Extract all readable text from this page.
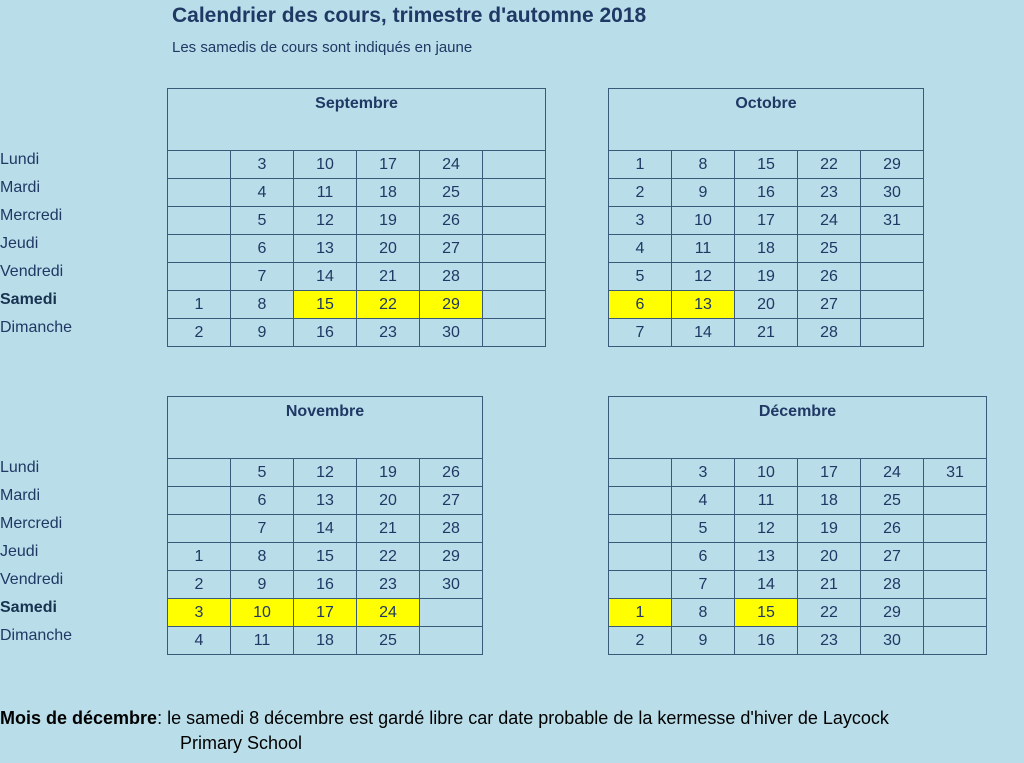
Calendrier des cours, trimestre d'automne 2018
Les samedis de cours sont indiqués en jaune
Lundi
Mardi
Mercredi
Jeudi
Vendredi
Samedi
Dimanche
Lundi
Mardi
Mercredi
Jeudi
Vendredi
Samedi
Dimanche
Septembre					
	3	10	17	24	
	4	11	18	25	
	5	12	19	26	
	6	13	20	27	
	7	14	21	28	
1	8	15	22	29	
2	9	16	23	30	
Octobre				
1	8	15	22	29
2	9	16	23	30
3	10	17	24	31
4	11	18	25	
5	12	19	26	
6	13	20	27	
7	14	21	28	
Novembre				
	5	12	19	26
	6	13	20	27
	7	14	21	28
1	8	15	22	29
2	9	16	23	30
3	10	17	24	
4	11	18	25	
Décembre					
	3	10	17	24	31
	4	11	18	25	
	5	12	19	26	
	6	13	20	27	
	7	14	21	28	
1	8	15	22	29	
2	9	16	23	30	
Mois de décembre: le samedi 8 décembre est gardé libre car date probable de la kermesse d'hiver de Laycock
Primary School
